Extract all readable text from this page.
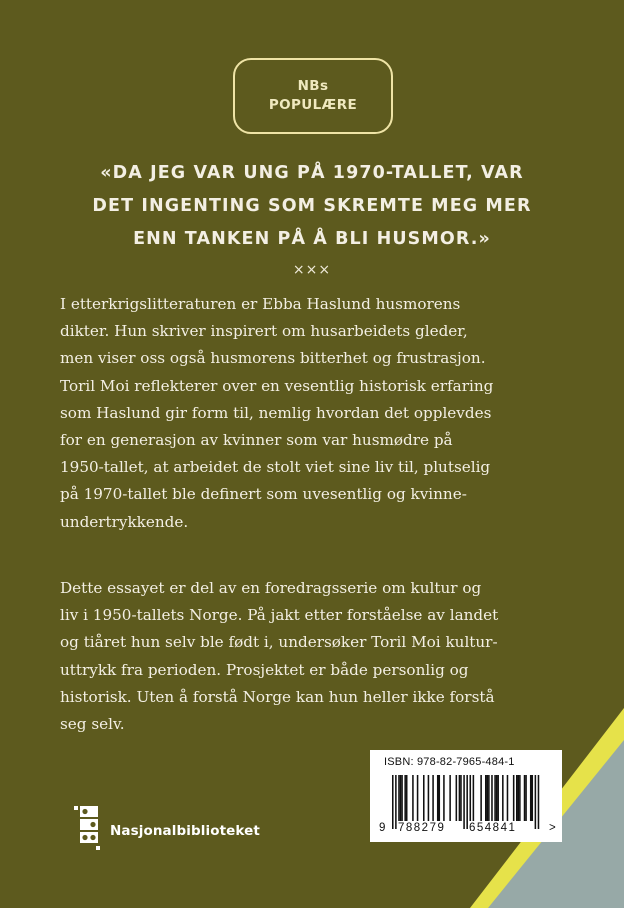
NBs
POPULÆRE
«DA JEG VAR UNG PÅ 1970-TALLET, VAR
DET INGENTING SOM SKREMTE MEG MER
ENN TANKEN PÅ Å BLI HUSMOR.»
×××
I etterkrigslitteraturen er Ebba Haslund husmorens
dikter. Hun skriver inspirert om husarbeidets gleder,
men viser oss også husmorens bitterhet og frustrasjon.
Toril Moi reflekterer over en vesentlig historisk erfaring
som Haslund gir form til, nemlig hvordan det opplevdes
for en generasjon av kvinner som var husmødre på
1950-tallet, at arbeidet de stolt viet sine liv til, plutselig
på 1970-tallet ble definert som uvesentlig og kvinne-
undertrykkende.
Dette essayet er del av en foredragsserie om kultur og
liv i 1950-tallets Norge. På jakt etter forståelse av landet
og tiåret hun selv ble født i, undersøker Toril Moi kultur-
uttrykk fra perioden. Prosjektet er både personlig og
historisk. Uten å forstå Norge kan hun heller ikke forstå
seg selv.
ISBN: 978-82-7965-484-1
9 788279 654841	>
Nasjonalbiblioteket
